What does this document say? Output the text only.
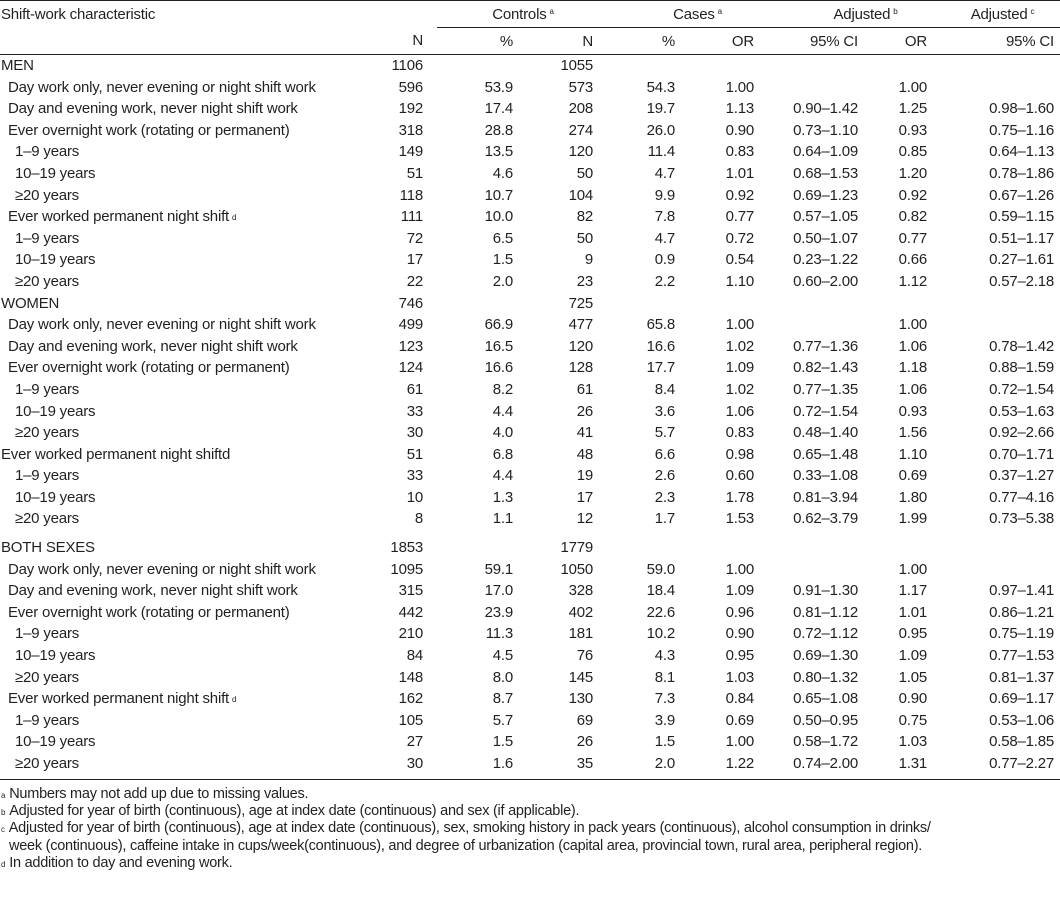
Shift-work characteristic		Controls $^a$		Cases $^a$		Adjusted $^b$		Adjusted $^c$
	N	%	N	%	OR	95% CI	OR	95% CI
MEN	1106		1055					
Day work only, never evening or night shift work	596	53.9	573	54.3	1.00		1.00	
Day and evening work, never night shift work	192	17.4	208	19.7	1.13	0.90–1.42	1.25	0.98–1.60
Ever overnight work (rotating or permanent)	318	28.8	274	26.0	0.90	0.73–1.10	0.93	0.75–1.16
1–9 years	149	13.5	120	11.4	0.83	0.64–1.09	0.85	0.64–1.13
10–19 years	51	4.6	50	4.7	1.01	0.68–1.53	1.20	0.78–1.86
≥20 years	118	10.7	104	9.9	0.92	0.69–1.23	0.92	0.67–1.26
Ever worked permanent night shift $^d$	111	10.0	82	7.8	0.77	0.57–1.05	0.82	0.59–1.15
1–9 years	72	6.5	50	4.7	0.72	0.50–1.07	0.77	0.51–1.17
10–19 years	17	1.5	9	0.9	0.54	0.23–1.22	0.66	0.27–1.61
≥20 years	22	2.0	23	2.2	1.10	0.60–2.00	1.12	0.57–2.18
WOMEN	746		725					
Day work only, never evening or night shift work	499	66.9	477	65.8	1.00		1.00	
Day and evening work, never night shift work	123	16.5	120	16.6	1.02	0.77–1.36	1.06	0.78–1.42
Ever overnight work (rotating or permanent)	124	16.6	128	17.7	1.09	0.82–1.43	1.18	0.88–1.59
1–9 years	61	8.2	61	8.4	1.02	0.77–1.35	1.06	0.72–1.54
10–19 years	33	4.4	26	3.6	1.06	0.72–1.54	0.93	0.53–1.63
≥20 years	30	4.0	41	5.7	0.83	0.48–1.40	1.56	0.92–2.66
Ever worked permanent night shiftd	51	6.8	48	6.6	0.98	0.65–1.48	1.10	0.70–1.71
1–9 years	33	4.4	19	2.6	0.60	0.33–1.08	0.69	0.37–1.27
10–19 years	10	1.3	17	2.3	1.78	0.81–3.94	1.80	0.77–4.16
≥20 years	8	1.1	12	1.7	1.53	0.62–3.79	1.99	0.73–5.38

BOTH SEXES	1853		1779					
Day work only, never evening or night shift work	1095	59.1	1050	59.0	1.00		1.00	
Day and evening work, never night shift work	315	17.0	328	18.4	1.09	0.91–1.30	1.17	0.97–1.41
Ever overnight work (rotating or permanent)	442	23.9	402	22.6	0.96	0.81–1.12	1.01	0.86–1.21
1–9 years	210	11.3	181	10.2	0.90	0.72–1.12	0.95	0.75–1.19
10–19 years	84	4.5	76	4.3	0.95	0.69–1.30	1.09	0.77–1.53
≥20 years	148	8.0	145	8.1	1.03	0.80–1.32	1.05	0.81–1.37
Ever worked permanent night shift $^d$	162	8.7	130	7.3	0.84	0.65–1.08	0.90	0.69–1.17
1–9 years	105	5.7	69	3.9	0.69	0.50–0.95	0.75	0.53–1.06
10–19 years	27	1.5	26	1.5	1.00	0.58–1.72	1.03	0.58–1.85
≥20 years	30	1.6	35	2.0	1.22	0.74–2.00	1.31	0.77–2.27

$^a$ Numbers may not add up due to missing values.
$^b$ Adjusted for year of birth (continuous), age at index date (continuous) and sex (if applicable).
$^c$ Adjusted for year of birth (continuous), age at index date (continuous), sex, smoking history in pack years (continuous), alcohol consumption in drinks/
week (continuous), caffeine intake in cups/week(continuous), and degree of urbanization (capital area, provincial town, rural area, peripheral region).
$^d$ In addition to day and evening work.
